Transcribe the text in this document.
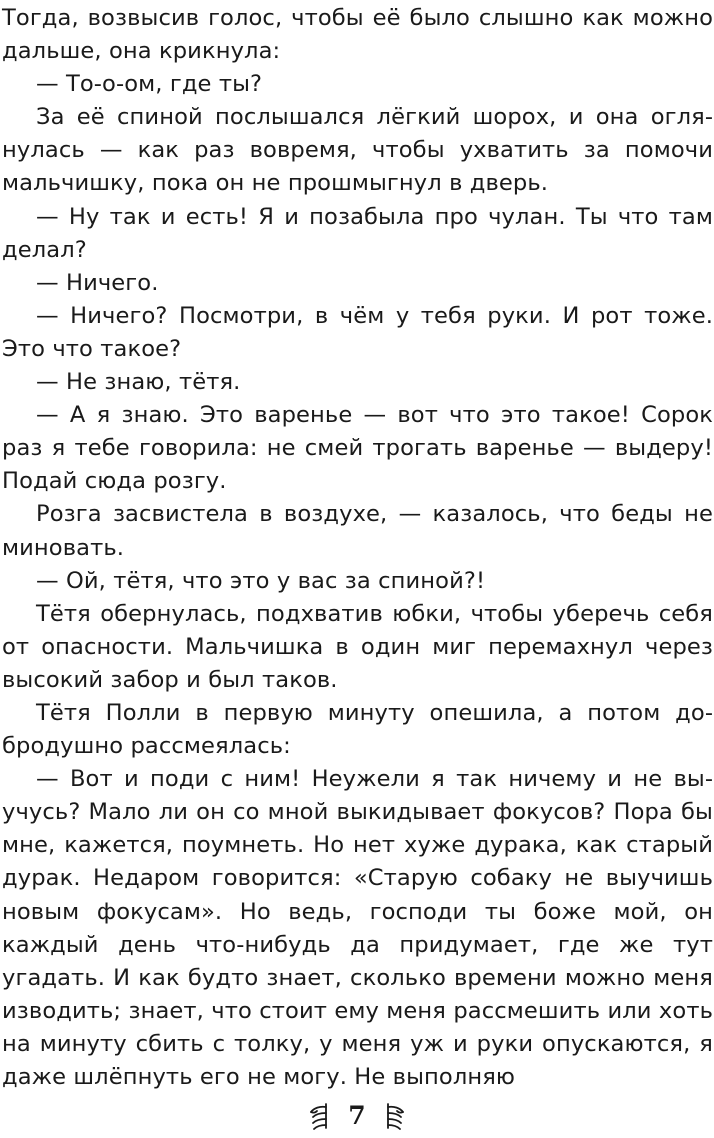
Тогда, возвысив голос, чтобы её было слышно как можно дальше, она крикнула:

— То-о-ом, где ты?

За её спиной послышался лёгкий шорох, и она оглянулась — как раз вовремя, чтобы ухватить за помочи мальчишку, пока он не прошмыгнул в дверь.

— Ну так и есть! Я и позабыла про чулан. Ты что там делал?

— Ничего.

— Ничего? Посмотри, в чём у тебя руки. И рот тоже. Это что такое?

— Не знаю, тётя.

— А я знаю. Это варенье — вот что это такое! Сорок раз я тебе говорила: не смей трогать варенье — выдеру! Подай сюда розгу.

Розга засвистела в воздухе, — казалось, что беды не миновать.

— Ой, тётя, что это у вас за спиной?!

Тётя обернулась, подхватив юбки, чтобы уберечь себя от опасности. Мальчишка в один миг перемахнул через высокий забор и был таков.

Тётя Полли в первую минуту опешила, а потом добродушно рассмеялась:

— Вот и поди с ним! Неужели я так ничему и не выучусь? Мало ли он со мной выкидывает фокусов? Пора бы мне, кажется, поумнеть. Но нет хуже дурака, как старый дурак. Недаром говорится: «Старую собаку не выучишь новым фокусам». Но ведь, господи ты боже мой, он каждый день что-нибудь да придумает, где же тут угадать. И как будто знает, сколько времени можно меня изводить; знает, что стоит ему меня рассмешить или хоть на минуту сбить с толку, у меня уж и руки опускаются, я даже шлёпнуть его не могу. Не выполняю

7
